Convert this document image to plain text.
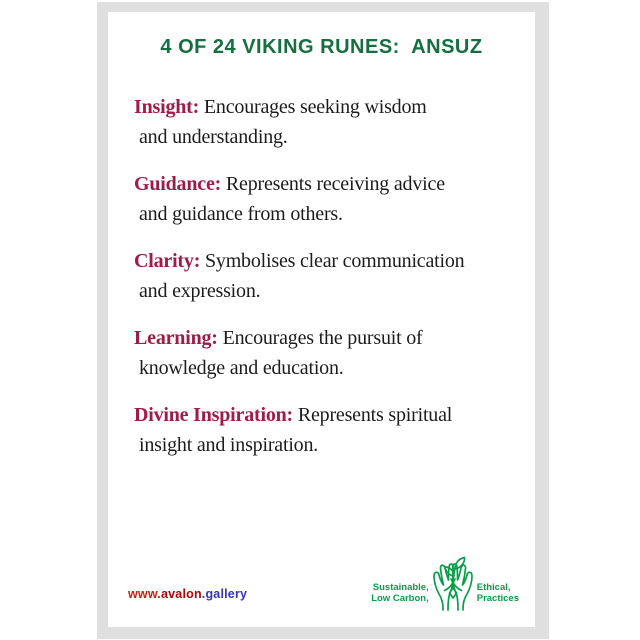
4 OF 24 VIKING RUNES:  ANSUZ

Insight: Encourages seeking wisdom
and understanding.

Guidance: Represents receiving advice
and guidance from others.

Clarity: Symbolises clear communication
and expression.

Learning: Encourages the pursuit of
knowledge and education.

Divine Inspiration: Represents spiritual
insight and inspiration.

www.avalon.gallery	Sustainable,
Low Carbon,
Ethical,
Practices
